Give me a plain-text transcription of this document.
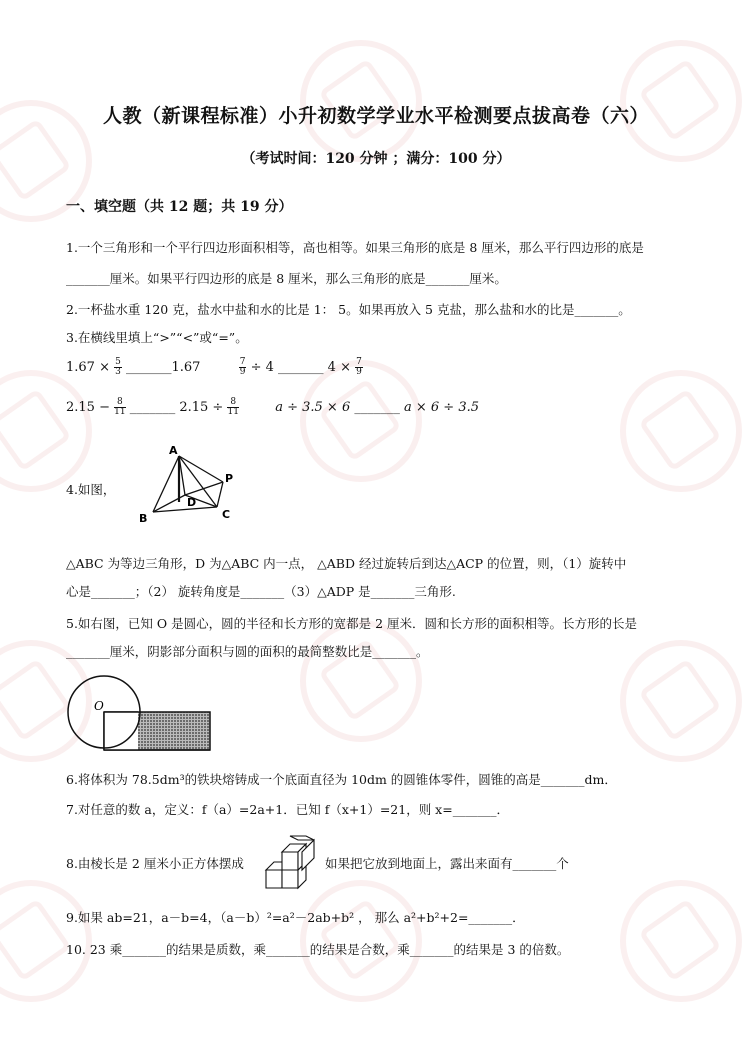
人教（新课程标准）小升初数学学业水平检测要点拔高卷（六）
（考试时间：120 分钟 ；满分：100 分）
一、填空题（共 12 题；共 19 分）
1.一个三角形和一个平行四边形面积相等，高也相等。如果三角形的底是 8 厘米，那么平行四边形的底是
_______厘米。如果平行四边形的底是 8 厘米，那么三角形的底是_______厘米。
2.一杯盐水重 120 克，盐水中盐和水的比是 1： 5。如果再放入 5 克盐，那么盐和水的比是_______。
3.在横线里填上“>”“<”或“=”。
$1.67 \times \frac{5}{3}$ _______1.67	$\frac{7}{9} \div 4$ _______ $4 \times \frac{7}{9}$
$2.15 - \frac{8}{11}$ _______ $2.15 \div \frac{8}{11}$	a ÷ 3.5 × 6 _______ a × 6 ÷ 3.5
4.如图，
A
B	C
D
P
△ABC 为等边三角形，D 为△ABC 内一点， △ABD 经过旋转后到达△ACP 的位置，则，（1）旋转中
心是_______；（2） 旋转角度是_______（3）△ADP 是_______三角形.
5.如右图，已知 O 是圆心，圆的半径和长方形的宽都是 2 厘米．圆和长方形的面积相等。长方形的长是
_______厘米，阴影部分面积与圆的面积的最简整数比是_______。
O
6.将体积为 78.5dm³的铁块熔铸成一个底面直径为 10dm 的圆锥体零件，圆锥的高是_______dm．
7.对任意的数 a，定义：f（a）=2a+1．已知 f（x+1）=21，则 x=_______．
8.由棱长是 2 厘米小正方体摆成	如果把它放到地面上，露出来面有_______个
9.如果 ab=21，a－b=4，（a－b）²=a²－2ab+b² ， 那么 a²+b²+2=_______．
10. 23 乘_______的结果是质数，乘_______的结果是合数，乘_______的结果是 3 的倍数。
